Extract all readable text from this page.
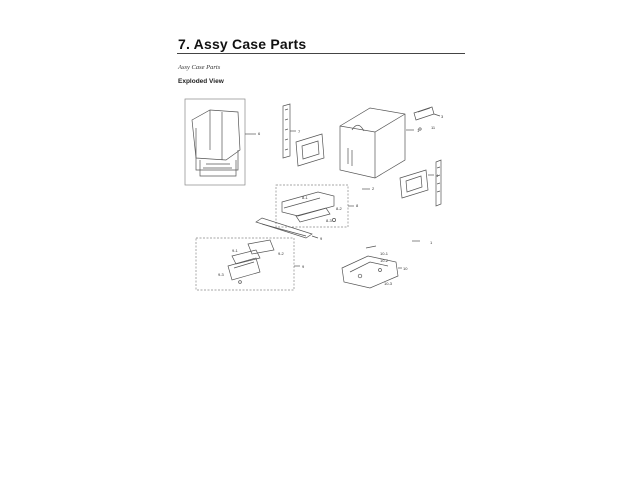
7. Assy Case Parts
Assy Case Parts
Exploded View
6	7	1
3
11
4
2
8-1
8-2
8-3
8
9
9-1
9-2
9-3
9
10-1
10-2
10-3
10
1
